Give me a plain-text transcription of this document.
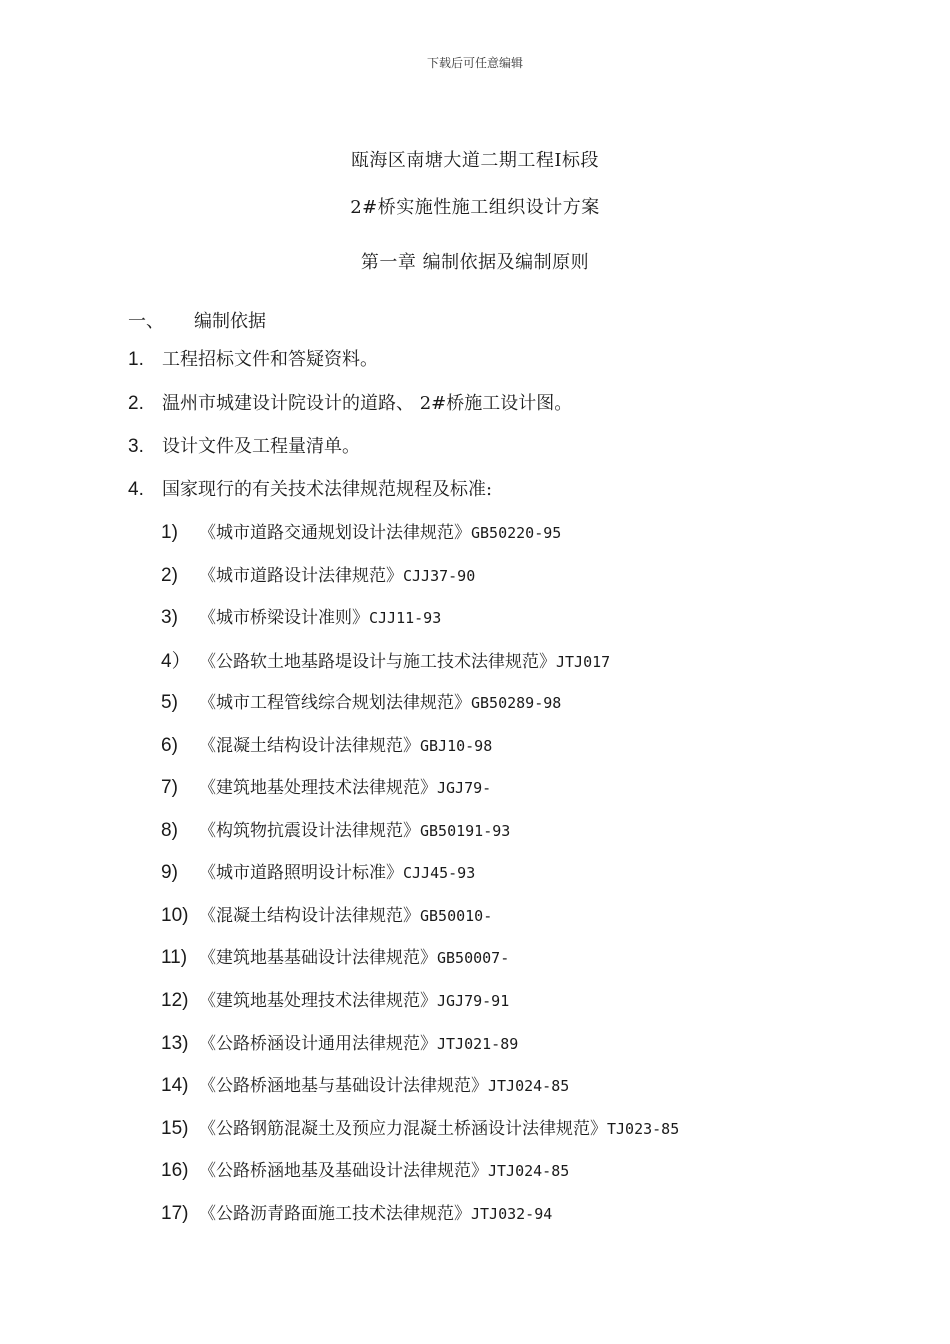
下载后可任意编辑
瓯海区南塘大道二期工程Ⅰ标段
2#桥实施性施工组织设计方案
第一章 编制依据及编制原则
一、 编制依据
1. 工程招标文件和答疑资料。
2. 温州市城建设计院设计的道路、 2#桥施工设计图。
3. 设计文件及工程量清单。
4. 国家现行的有关技术法律规范规程及标准:
1) 《城市道路交通规划设计法律规范》GB50220-95
2) 《城市道路设计法律规范》CJJ37-90
3) 《城市桥梁设计准则》CJJ11-93
4） 《公路软土地基路堤设计与施工技术法律规范》JTJ017
5) 《城市工程管线综合规划法律规范》GB50289-98
6) 《混凝土结构设计法律规范》GBJ10-98
7) 《建筑地基处理技术法律规范》JGJ79-
8) 《构筑物抗震设计法律规范》GB50191-93
9) 《城市道路照明设计标准》CJJ45-93
10) 《混凝土结构设计法律规范》GB50010-
11) 《建筑地基基础设计法律规范》GB50007-
12) 《建筑地基处理技术法律规范》JGJ79-91
13) 《公路桥涵设计通用法律规范》JTJ021-89
14) 《公路桥涵地基与基础设计法律规范》JTJ024-85
15) 《公路钢筋混凝土及预应力混凝土桥涵设计法律规范》TJ023-85
16) 《公路桥涵地基及基础设计法律规范》JTJ024-85
17) 《公路沥青路面施工技术法律规范》JTJ032-94
